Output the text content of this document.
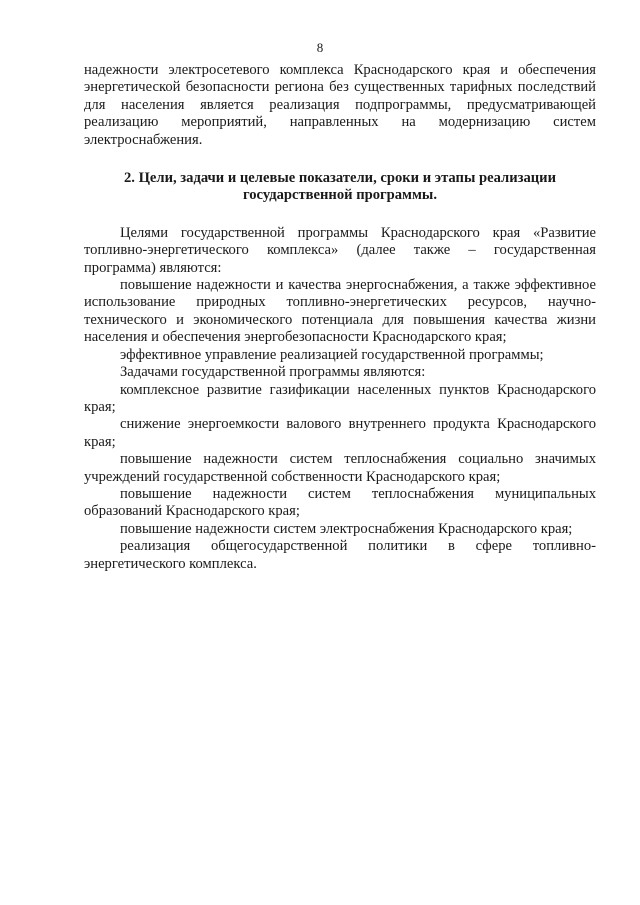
8

надежности электросетевого комплекса Краснодарского края и обеспечения энергетической безопасности региона без существенных тарифных последствий для населения является реализация подпрограммы, предусматривающей реализацию мероприятий, направленных на модернизацию систем электроснабжения.

2. Цели, задачи и целевые показатели, сроки и этапы реализации
государственной программы.

Целями государственной программы Краснодарского края «Развитие топливно-энергетического комплекса» (далее также – государственная программа) являются:

повышение надежности и качества энергоснабжения, а также эффективное использование природных топливно-энергетических ресурсов, научно-технического и экономического потенциала для повышения качества жизни населения и обеспечения энергобезопасности Краснодарского края;

эффективное управление реализацией государственной программы;

Задачами государственной программы являются:

комплексное развитие газификации населенных пунктов Краснодарского края;

снижение энергоемкости валового внутреннего продукта Краснодарского края;

повышение надежности систем теплоснабжения социально значимых учреждений государственной собственности Краснодарского края;

повышение надежности систем теплоснабжения муниципальных образований Краснодарского края;

повышение надежности систем электроснабжения Краснодарского края;

реализация общегосударственной политики в сфере топливно-энергетического комплекса.
